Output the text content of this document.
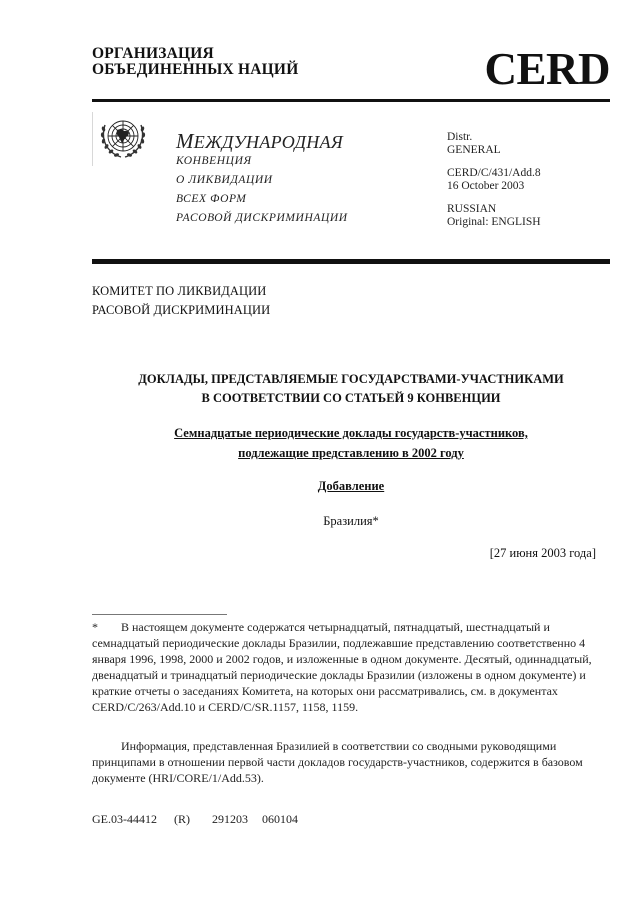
ОРГАНИЗАЦИЯ
ОБЪЕДИНЕННЫХ НАЦИЙ	CERD
МЕЖДУНАРОДНАЯ
КОНВЕНЦИЯ
О ЛИКВИДАЦИИ
ВСЕХ ФОРМ
РАСОВОЙ ДИСКРИМИНАЦИИ
Distr.
GENERAL
CERD/C/431/Add.8
16 October 2003
RUSSIAN
Original: ENGLISH
КОМИТЕТ ПО ЛИКВИДАЦИИ
РАСОВОЙ ДИСКРИМИНАЦИИ
ДОКЛАДЫ, ПРЕДСТАВЛЯЕМЫЕ ГОСУДАРСТВАМИ-УЧАСТНИКАМИ
В СООТВЕТСТВИИ СО СТАТЬЕЙ 9 КОНВЕНЦИИ
Семнадцатые периодические доклады государств-участников,
подлежащие представлению в 2002 году
Добавление
Бразилия*
[27 июня 2003 года]
* В настоящем документе содержатся четырнадцатый, пятнадцатый, шестнадцатый и семнадцатый периодические доклады Бразилии, подлежавшие представлению соответственно 4 января 1996, 1998, 2000 и 2002 годов, и изложенные в одном документе. Десятый, одиннадцатый, двенадцатый и тринадцатый периодические доклады Бразилии (изложены в одном документе) и краткие отчеты о заседаниях Комитета, на которых они рассматривались, см. в документах CERD/C/263/Add.10 и CERD/C/SR.1157, 1158, 1159.
Информация, представленная Бразилией в соответствии со сводными руководящими принципами в отношении первой части докладов государств-участников, содержится в базовом документе (HRI/CORE/1/Add.53).
GE.03-44412 (R) 291203 060104
